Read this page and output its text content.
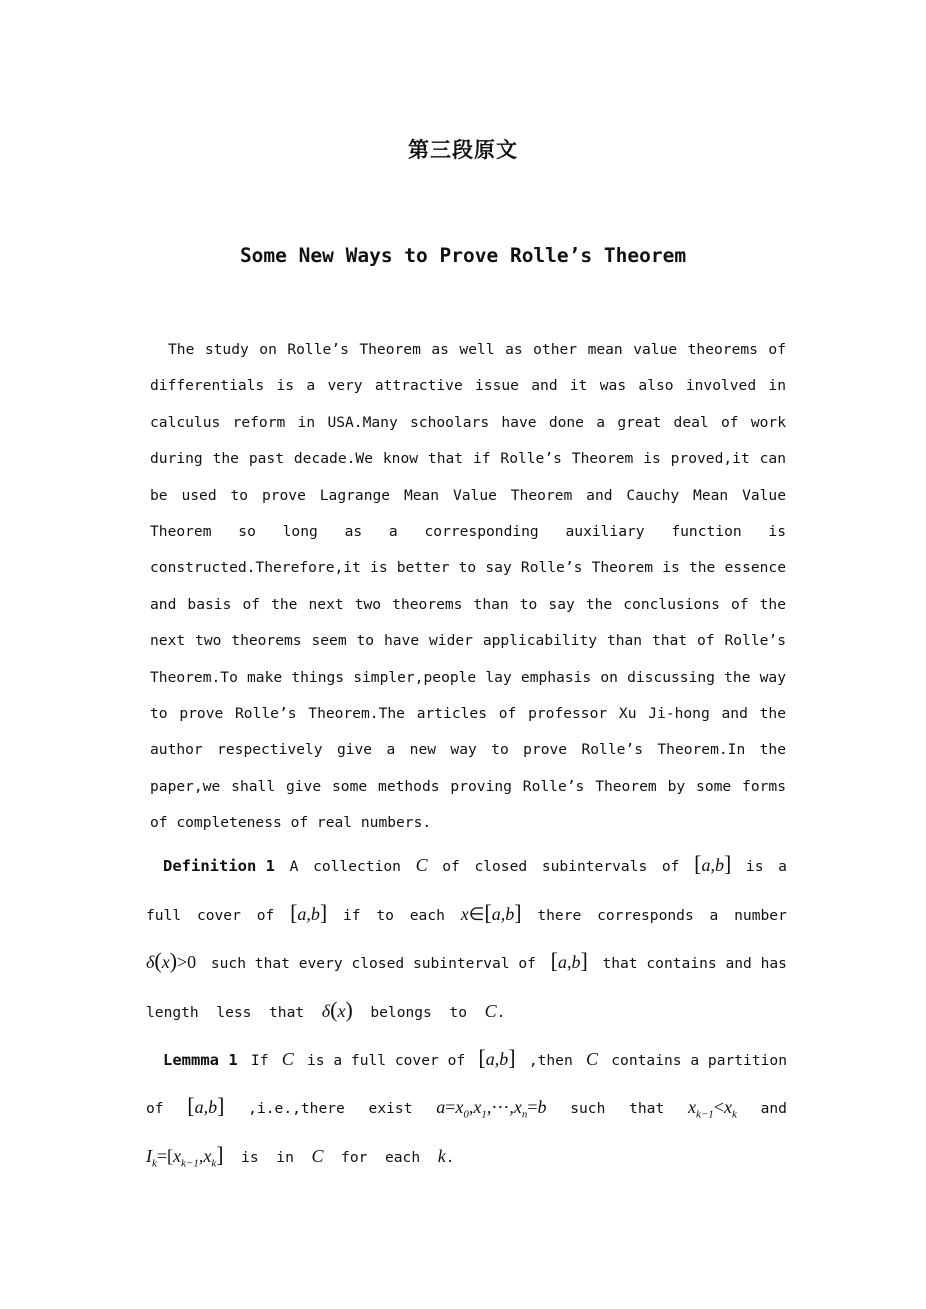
第三段原文
Some New Ways to Prove Rolle’s Theorem

The study on Rolle’s Theorem as well as other mean value theorems of differentials is a very attractive issue and it was also involved in calculus reform in USA.Many schoolars have done a great deal of work during the past decade.We know that if Rolle’s Theorem is proved,it can be used to prove Lagrange Mean Value Theorem and Cauchy Mean Value Theorem so long as a corresponding auxiliary function is constructed.Therefore,it is better to say Rolle’s Theorem is the essence and basis of the next two theorems than to say the conclusions of the next two theorems seem to have wider applicability than that of Rolle’s Theorem.To make things simpler,people lay emphasis on discussing the way to prove Rolle’s Theorem.The articles of professor Xu Ji-hong and the author respectively give a new way to prove Rolle’s Theorem.In the paper,we shall give some methods proving Rolle’s Theorem by some forms of completeness of real numbers.

Definition 1 A collection C of closed subintervals of [a,b] is a
full cover of [a,b] if to each x∈[a,b] there corresponds a number
δ(x)>0 such that every closed subinterval of [a,b] that contains and has
length  less  that  δ(x)  belongs  to  C.
Lemmma 1 If C is a full cover of [a,b] ,then C contains a partition
of [a,b] ,i.e.,there exist $a=x_0,x_1,\cdots,x_n=b$ such that $x_{k-1}<x_k$ and
$I_k=[x_{k-1},x_k]$  is  in  C  for  each  k.
